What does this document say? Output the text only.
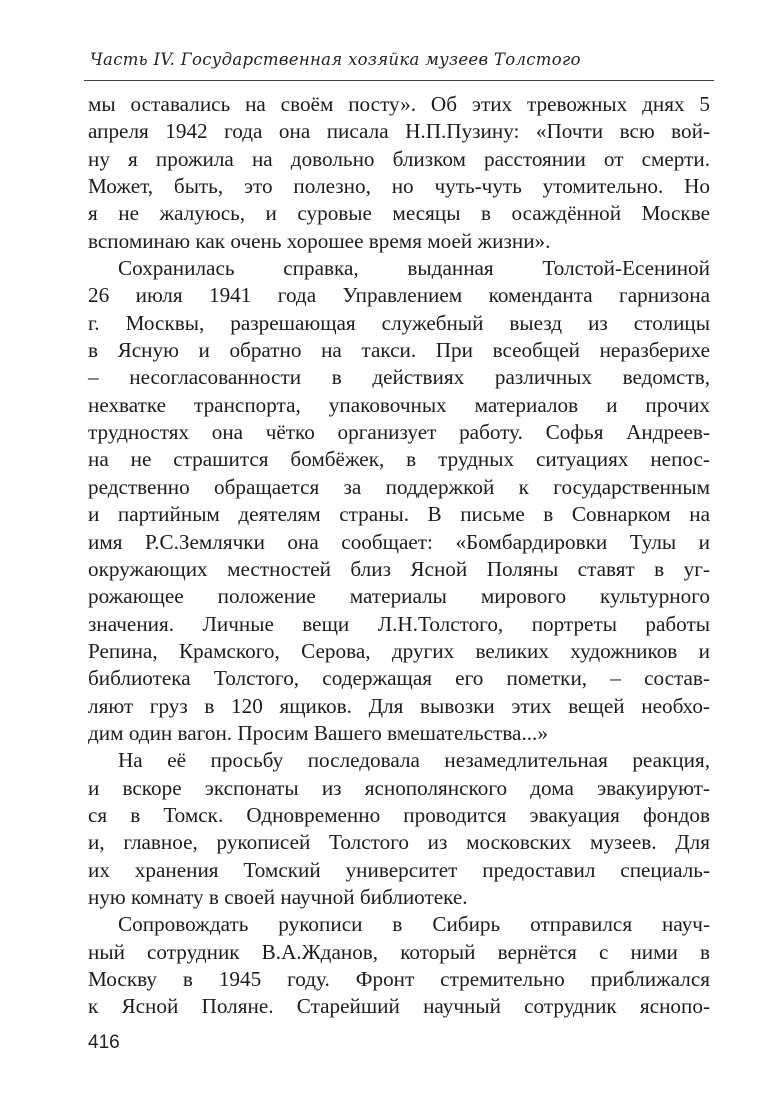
Часть IV. Государственная хозяйка музеев Толстого
мы оставались на своём посту». Об этих тревожных днях 5
апреля 1942 года она писала Н.П.Пузину: «Почти всю вой-
ну я прожила на довольно близком расстоянии от смерти.
Может, быть, это полезно, но чуть-чуть утомительно. Но
я не жалуюсь, и суровые месяцы в осаждённой Москве
вспоминаю как очень хорошее время моей жизни».
Сохранилась справка, выданная Толстой-Есениной
26 июля 1941 года Управлением коменданта гарнизона
г. Москвы, разрешающая служебный выезд из столицы
в Ясную и обратно на такси. При всеобщей неразберихе
– несогласованности в действиях различных ведомств,
нехватке транспорта, упаковочных материалов и прочих
трудностях она чётко организует работу. Софья Андреев-
на не страшится бомбёжек, в трудных ситуациях непос-
редственно обращается за поддержкой к государственным
и партийным деятелям страны. В письме в Совнарком на
имя Р.С.Землячки она сообщает: «Бомбардировки Тулы и
окружающих местностей близ Ясной Поляны ставят в уг-
рожающее положение материалы мирового культурного
значения. Личные вещи Л.Н.Толстого, портреты работы
Репина, Крамского, Серова, других великих художников и
библиотека Толстого, содержащая его пометки, – состав-
ляют груз в 120 ящиков. Для вывозки этих вещей необхо-
дим один вагон. Просим Вашего вмешательства...»
На её просьбу последовала незамедлительная реакция,
и вскоре экспонаты из яснополянского дома эвакуируют-
ся в Томск. Одновременно проводится эвакуация фондов
и, главное, рукописей Толстого из московских музеев. Для
их хранения Томский университет предоставил специаль-
ную комнату в своей научной библиотеке.
Сопровождать рукописи в Сибирь отправился науч-
ный сотрудник В.А.Жданов, который вернётся с ними в
Москву в 1945 году. Фронт стремительно приближался
к Ясной Поляне. Старейший научный сотрудник яснопо-
416
